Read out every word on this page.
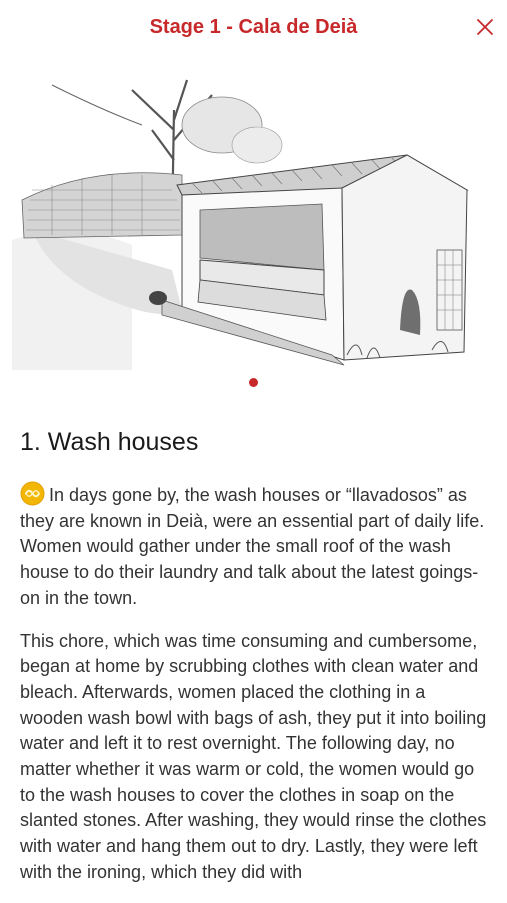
Stage 1 - Cala de Deià
1. Wash houses

In days gone by, the wash houses or “llavadosos” as they are known in Deià, were an essential part of daily life. Women would gather under the small roof of the wash house to do their laundry and talk about the latest goings-on in the town.

This chore, which was time consuming and cumbersome, began at home by scrubbing clothes with clean water and bleach. Afterwards, women placed the clothing in a wooden wash bowl with bags of ash, they put it into boiling water and left it to rest overnight. The following day, no matter whether it was warm or cold, the women would go to the wash houses to cover the clothes in soap on the slanted stones. After washing, they would rinse the clothes with water and hang them out to dry. Lastly, they were left with the ironing, which they did with
